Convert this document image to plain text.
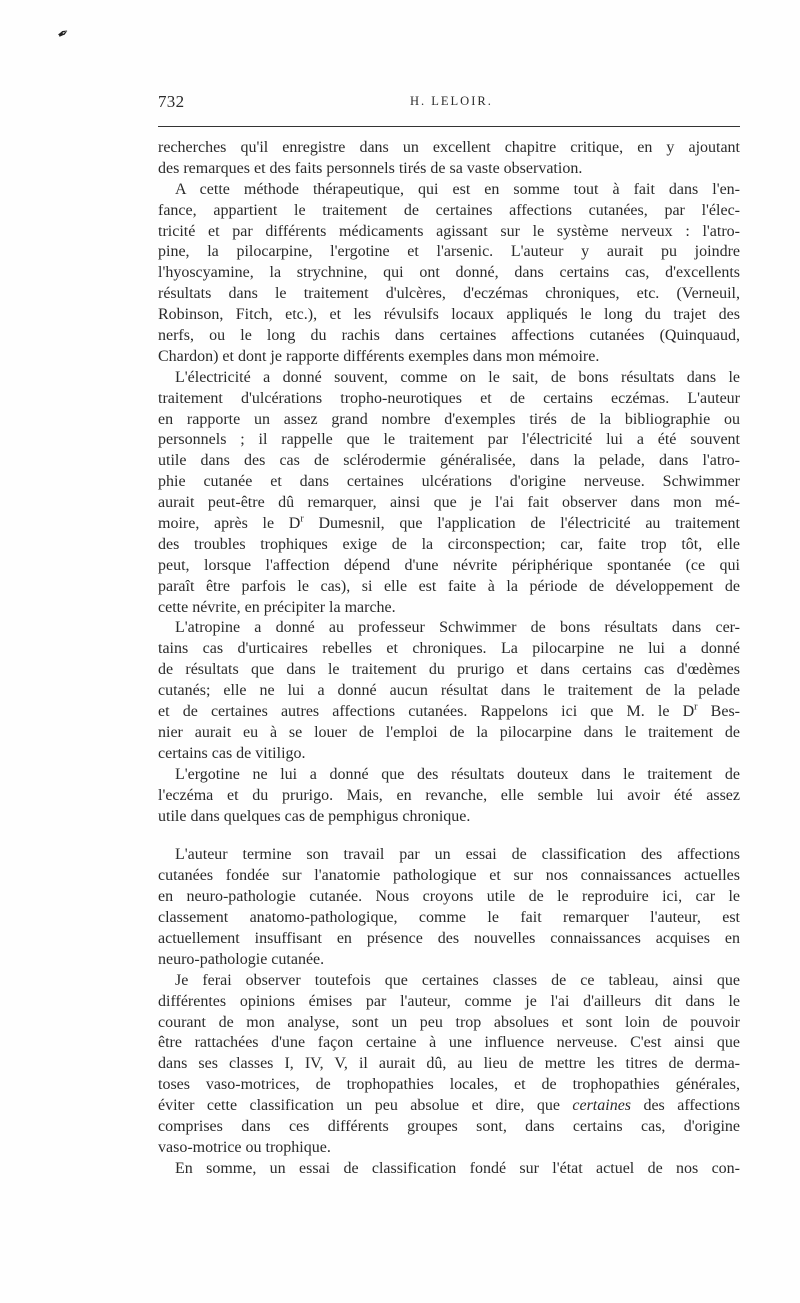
✒
732	H. LELOIR.
recherches qu'il enregistre dans un excellent chapitre critique, en y ajoutant
des remarques et des faits personnels tirés de sa vaste observation.
A cette méthode thérapeutique, qui est en somme tout à fait dans l'en-
fance, appartient le traitement de certaines affections cutanées, par l'élec-
tricité et par différents médicaments agissant sur le système nerveux : l'atro-
pine, la pilocarpine, l'ergotine et l'arsenic. L'auteur y aurait pu joindre
l'hyoscyamine, la strychnine, qui ont donné, dans certains cas, d'excellents
résultats dans le traitement d'ulcères, d'eczémas chroniques, etc. (Verneuil,
Robinson, Fitch, etc.), et les révulsifs locaux appliqués le long du trajet des
nerfs, ou le long du rachis dans certaines affections cutanées (Quinquaud,
Chardon) et dont je rapporte différents exemples dans mon mémoire.
L'électricité a donné souvent, comme on le sait, de bons résultats dans le
traitement d'ulcérations tropho-neurotiques et de certains eczémas. L'auteur
en rapporte un assez grand nombre d'exemples tirés de la bibliographie ou
personnels ; il rappelle que le traitement par l'électricité lui a été souvent
utile dans des cas de sclérodermie généralisée, dans la pelade, dans l'atro-
phie cutanée et dans certaines ulcérations d'origine nerveuse. Schwimmer
aurait peut-être dû remarquer, ainsi que je l'ai fait observer dans mon mé-
moire, après le $D^r$ Dumesnil, que l'application de l'électricité au traitement
des troubles trophiques exige de la circonspection; car, faite trop tôt, elle
peut, lorsque l'affection dépend d'une névrite périphérique spontanée (ce qui
paraît être parfois le cas), si elle est faite à la période de développement de
cette névrite, en précipiter la marche.
L'atropine a donné au professeur Schwimmer de bons résultats dans cer-
tains cas d'urticaires rebelles et chroniques. La pilocarpine ne lui a donné
de résultats que dans le traitement du prurigo et dans certains cas d'œdèmes
cutanés; elle ne lui a donné aucun résultat dans le traitement de la pelade
et de certaines autres affections cutanées. Rappelons ici que M. le $D^r$ Bes-
nier aurait eu à se louer de l'emploi de la pilocarpine dans le traitement de
certains cas de vitiligo.
L'ergotine ne lui a donné que des résultats douteux dans le traitement de
l'eczéma et du prurigo. Mais, en revanche, elle semble lui avoir été assez
utile dans quelques cas de pemphigus chronique.
L'auteur termine son travail par un essai de classification des affections
cutanées fondée sur l'anatomie pathologique et sur nos connaissances actuelles
en neuro-pathologie cutanée. Nous croyons utile de le reproduire ici, car le
classement anatomo-pathologique, comme le fait remarquer l'auteur, est
actuellement insuffisant en présence des nouvelles connaissances acquises en
neuro-pathologie cutanée.
Je ferai observer toutefois que certaines classes de ce tableau, ainsi que
différentes opinions émises par l'auteur, comme je l'ai d'ailleurs dit dans le
courant de mon analyse, sont un peu trop absolues et sont loin de pouvoir
être rattachées d'une façon certaine à une influence nerveuse. C'est ainsi que
dans ses classes I, IV, V, il aurait dû, au lieu de mettre les titres de derma-
toses vaso-motrices, de trophopathies locales, et de trophopathies générales,
éviter cette classification un peu absolue et dire, que certaines des affections
comprises dans ces différents groupes sont, dans certains cas, d'origine
vaso-motrice ou trophique.
En somme, un essai de classification fondé sur l'état actuel de nos con-
